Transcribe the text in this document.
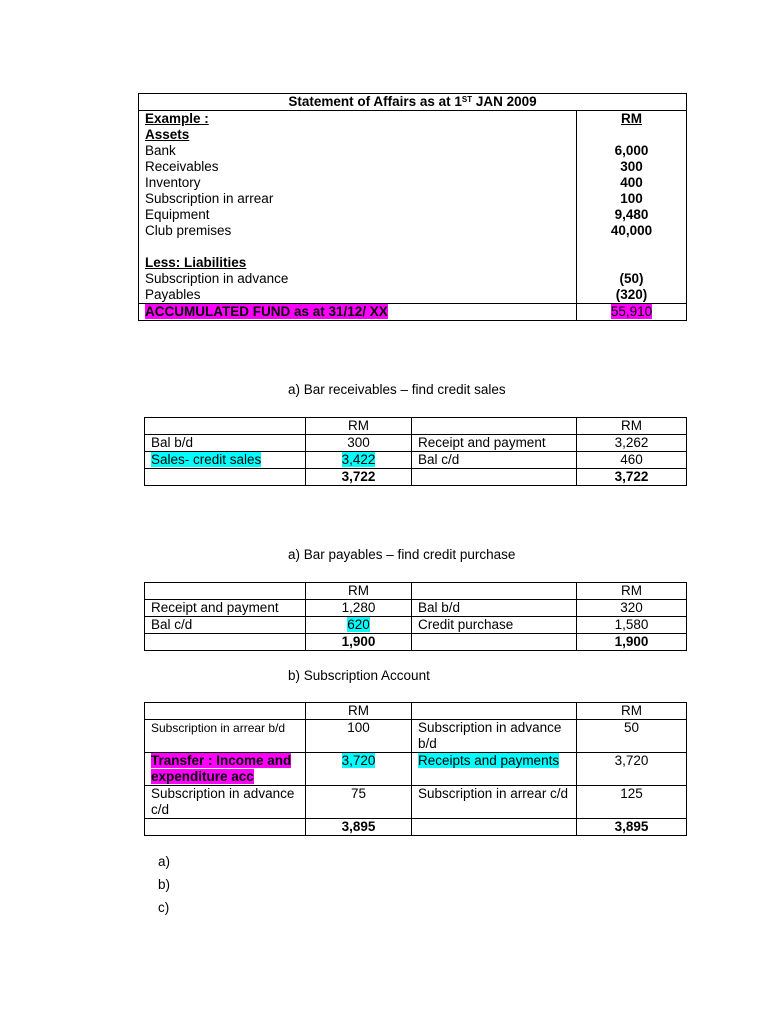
Statement of Affairs as at 1ST JAN 2009	
Example :	RM
Assets	
Bank	6,000
Receivables	300
Inventory	400
Subscription in arrear	100
Equipment	9,480
Club premises	40,000

Less: Liabilities	
Subscription in advance	(50)
Payables	(320)
ACCUMULATED FUND as at 31/12/ XX	55,910
a) Bar receivables – find credit sales
	RM		RM
Bal b/d	300	Receipt and payment	3,262
Sales- credit sales	3,422	Bal c/d	460
	3,722		3,722
a) Bar payables – find credit purchase
	RM		RM
Receipt and payment	1,280	Bal b/d	320
Bal c/d	620	Credit purchase	1,580
	1,900		1,900
b) Subscription Account
	RM		RM
Subscription in arrear b/d	100	Subscription in advance b/d	50
Transfer : Income and expenditure acc	3,720	Receipts and payments	3,720
Subscription in advance c/d	75	Subscription in arrear c/d	125
	3,895		3,895
a)
b)
c)
